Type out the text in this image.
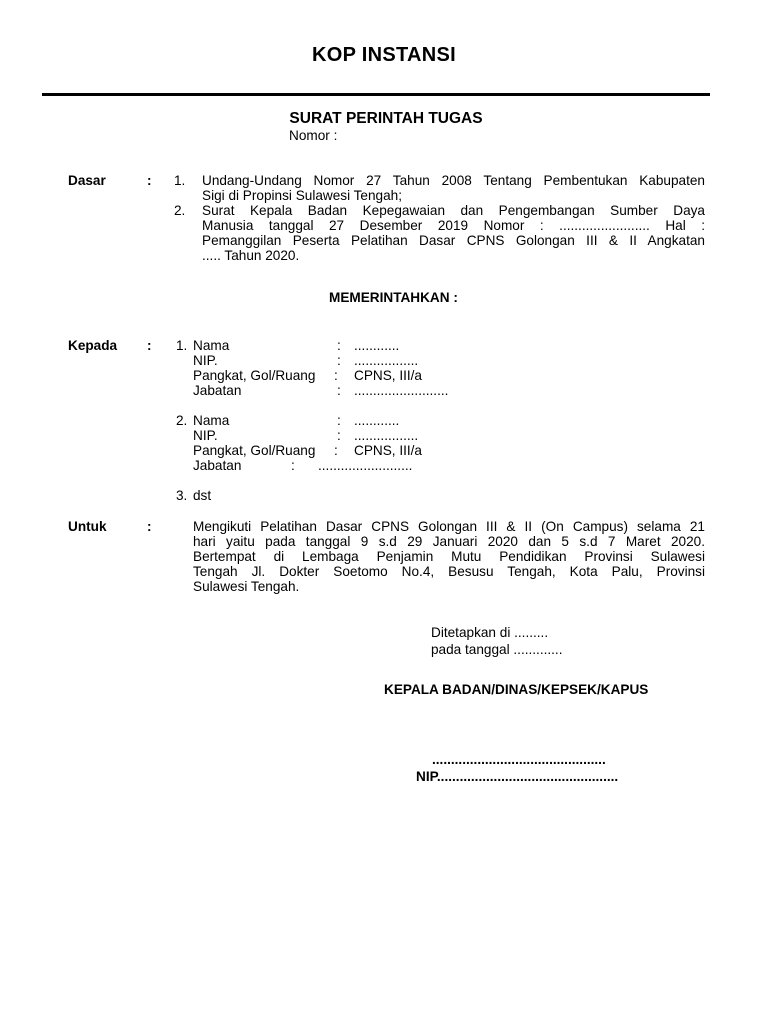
KOP INSTANSI
SURAT PERINTAH TUGAS
Nomor :
Dasar	: 1. Undang-Undang Nomor 27 Tahun 2008 Tentang Pembentukan Kabupaten
Sigi di Propinsi Sulawesi Tengah;
2. Surat Kepala Badan Kepegawaian dan Pengembangan Sumber Daya
Manusia tanggal 27 Desember 2019 Nomor : ........................ Hal :
Pemanggilan Peserta Pelatihan Dasar CPNS Golongan III & II Angkatan
..... Tahun 2020.
MEMERINTAHKAN :
Kepada : 1. Nama	: ............
NIP.	: .................
Pangkat, Gol/Ruang : CPNS, III/a
Jabatan	: .........................
2. Nama	: ............
NIP.	: .................
Pangkat, Gol/Ruang : CPNS, III/a
Jabatan	: .........................
3. dst
Untuk	:	Mengikuti Pelatihan Dasar CPNS Golongan III & II (On Campus) selama 21
hari yaitu pada tanggal 9 s.d 29 Januari 2020 dan 5 s.d 7 Maret 2020.
Bertempat di Lembaga Penjamin Mutu Pendidikan Provinsi Sulawesi
Tengah Jl. Dokter Soetomo No.4, Besusu Tengah, Kota Palu, Provinsi
Sulawesi Tengah.
Ditetapkan di .........
pada tanggal .............
KEPALA BADAN/DINAS/KEPSEK/KAPUS
..............................................
NIP................................................
